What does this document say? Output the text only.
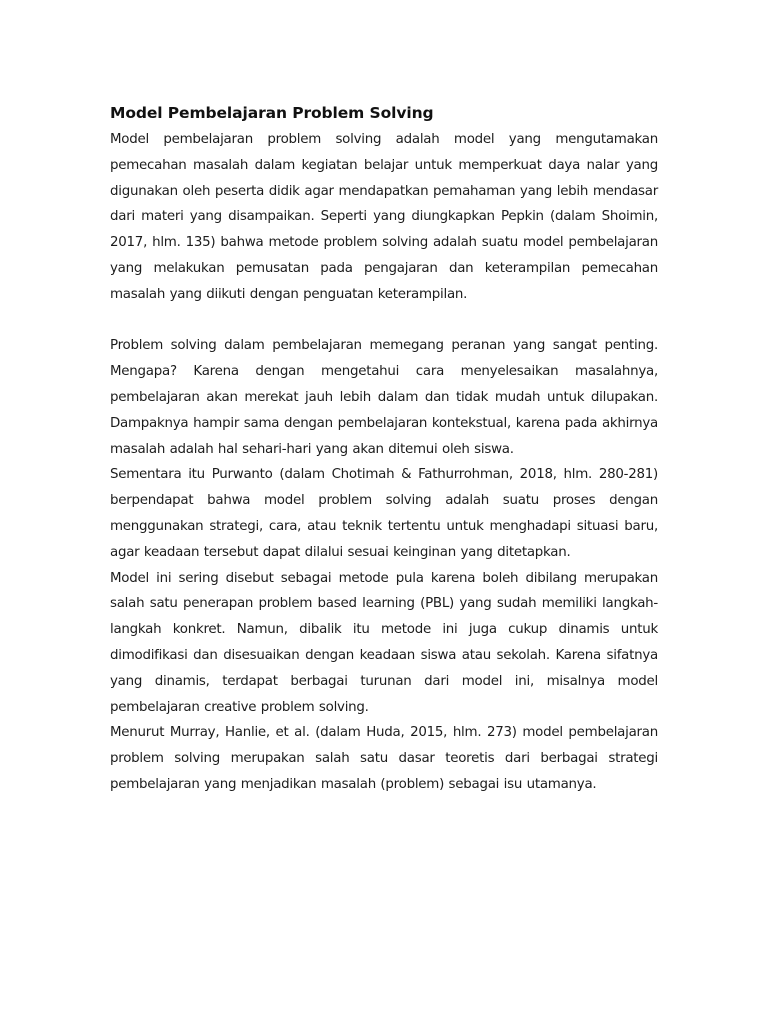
Model Pembelajaran Problem Solving

Model pembelajaran problem solving adalah model yang mengutamakan pemecahan masalah dalam kegiatan belajar untuk memperkuat daya nalar yang digunakan oleh peserta didik agar mendapatkan pemahaman yang lebih mendasar dari materi yang disampaikan. Seperti yang diungkapkan Pepkin (dalam Shoimin, 2017, hlm. 135) bahwa metode problem solving adalah suatu model pembelajaran yang melakukan pemusatan pada pengajaran dan keterampilan pemecahan masalah yang diikuti dengan penguatan keterampilan.

Problem solving dalam pembelajaran memegang peranan yang sangat penting. Mengapa? Karena dengan mengetahui cara menyelesaikan masalahnya, pembelajaran akan merekat jauh lebih dalam dan tidak mudah untuk dilupakan. Dampaknya hampir sama dengan pembelajaran kontekstual, karena pada akhirnya masalah adalah hal sehari-hari yang akan ditemui oleh siswa.

Sementara itu Purwanto (dalam Chotimah & Fathurrohman, 2018, hlm. 280-281) berpendapat bahwa model problem solving adalah suatu proses dengan menggunakan strategi, cara, atau teknik tertentu untuk menghadapi situasi baru, agar keadaan tersebut dapat dilalui sesuai keinginan yang ditetapkan.

Model ini sering disebut sebagai metode pula karena boleh dibilang merupakan salah satu penerapan problem based learning (PBL) yang sudah memiliki langkah-langkah konkret. Namun, dibalik itu metode ini juga cukup dinamis untuk dimodifikasi dan disesuaikan dengan keadaan siswa atau sekolah. Karena sifatnya yang dinamis, terdapat berbagai turunan dari model ini, misalnya model pembelajaran creative problem solving.

Menurut Murray, Hanlie, et al. (dalam Huda, 2015, hlm. 273) model pembelajaran problem solving merupakan salah satu dasar teoretis dari berbagai strategi pembelajaran yang menjadikan masalah (problem) sebagai isu utamanya.
